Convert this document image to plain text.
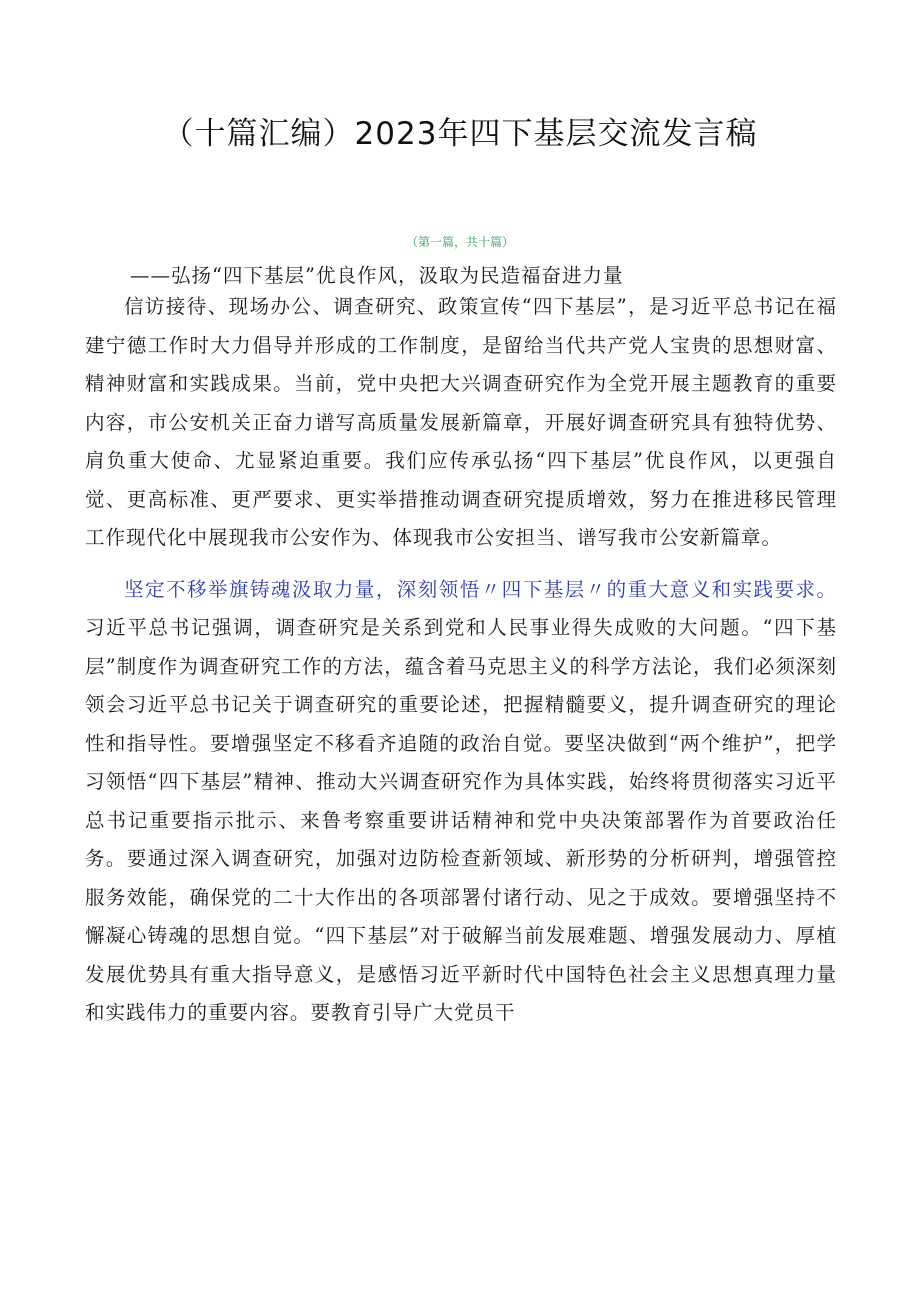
（十篇汇编）2023年四下基层交流发言稿
（第一篇，共十篇）
——弘扬“四下基层”优良作风，汲取为民造福奋进力量

信访接待、现场办公、调查研究、政策宣传“四下基层”，是习近平总书记在福建宁德工作时大力倡导并形成的工作制度，是留给当代共产党人宝贵的思想财富、精神财富和实践成果。当前，党中央把大兴调查研究作为全党开展主题教育的重要内容，市公安机关正奋力谱写高质量发展新篇章，开展好调查研究具有独特优势、肩负重大使命、尤显紧迫重要。我们应传承弘扬“四下基层”优良作风，以更强自觉、更高标准、更严要求、更实举措推动调查研究提质增效，努力在推进移民管理工作现代化中展现我市公安作为、体现我市公安担当、谱写我市公安新篇章。

坚定不移举旗铸魂汲取力量，深刻领悟〃四下基层〃的重大意义和实践要求。习近平总书记强调，调查研究是关系到党和人民事业得失成败的大问题。“四下基层”制度作为调查研究工作的方法，蕴含着马克思主义的科学方法论，我们必须深刻领会习近平总书记关于调查研究的重要论述，把握精髓要义，提升调查研究的理论性和指导性。要增强坚定不移看齐追随的政治自觉。要坚决做到“两个维护”，把学习领悟“四下基层”精神、推动大兴调查研究作为具体实践，始终将贯彻落实习近平总书记重要指示批示、来鲁考察重要讲话精神和党中央决策部署作为首要政治任务。要通过深入调查研究，加强对边防检查新领域、新形势的分析研判，增强管控服务效能，确保党的二十大作出的各项部署付诸行动、见之于成效。要增强坚持不懈凝心铸魂的思想自觉。“四下基层”对于破解当前发展难题、增强发展动力、厚植发展优势具有重大指导意义，是感悟习近平新时代中国特色社会主义思想真理力量和实践伟力的重要内容。要教育引导广大党员干
